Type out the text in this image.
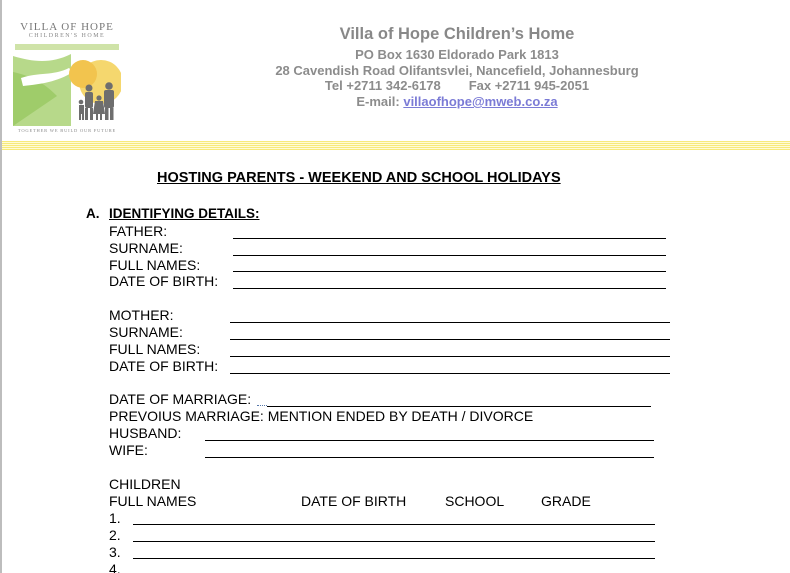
VILLA OF HOPE
CHILDREN'S HOME
TOGETHER WE BUILD OUR FUTURE
Villa of Hope Children’s Home
PO Box 1630 Eldorado Park 1813
28 Cavendish Road Olifantsvlei, Nancefield, Johannesburg
Tel +2711 342-6178 Fax +2711 945-2051
E-mail: villaofhope@mweb.co.za
HOSTING PARENTS - WEEKEND AND SCHOOL HOLIDAYS
A. IDENTIFYING DETAILS:
FATHER:
SURNAME:
FULL NAMES:
DATE OF BIRTH:
MOTHER:
SURNAME:
FULL NAMES:
DATE OF BIRTH:
DATE OF MARRIAGE:
PREVOIUS MARRIAGE: MENTION ENDED BY DEATH / DIVORCE
HUSBAND:
WIFE:
CHILDREN
FULL NAMES	DATE OF BIRTH	SCHOOL	GRADE
1.
2.
3.
4.
